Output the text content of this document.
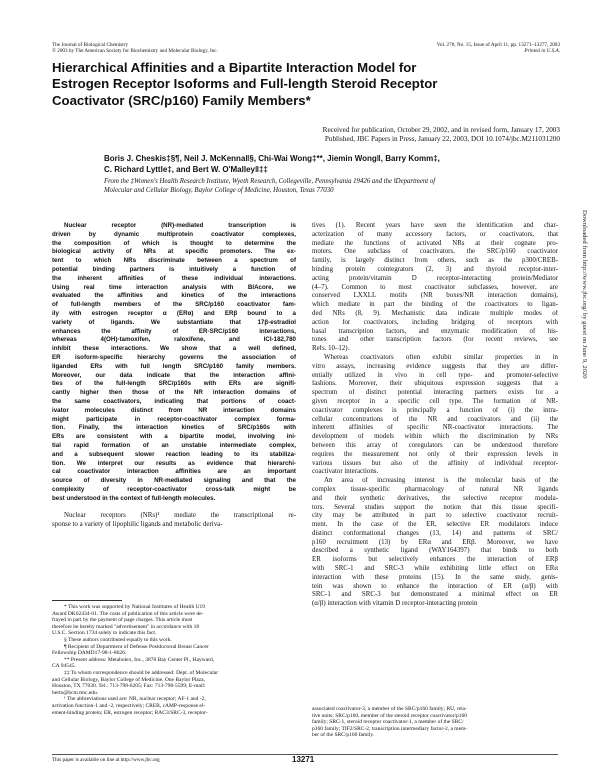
The Journal of Biological Chemistry
© 2003 by The American Society for Biochemistry and Molecular Biology, Inc.
Vol. 278, No. 15, Issue of April 11, pp. 13271–13277, 2003
Printed in U.S.A.
Hierarchical Affinities and a Bipartite Interaction Model for
Estrogen Receptor Isoforms and Full-length Steroid Receptor
Coactivator (SRC/p160) Family Members*
Received for publication, October 29, 2002, and in revised form, January 17, 2003
Published, JBC Papers in Press, January 22, 2003, DOI 10.1074/jbc.M211031200
Boris J. Cheskis‡§¶, Neil J. McKenna‖§, Chi-Wai Wong‡**, Jiemin Wong‖, Barry Komm‡,
C. Richard Lyttle‡, and Bert W. O'Malley‖‡‡
From the ‡Women's Health Research Institute, Wyeth Research, Collegeville, Pennsylvania 19426 and the ‖Department of
Molecular and Cellular Biology, Baylor College of Medicine, Houston, Texas 77030
Nuclear receptor (NR)-mediated transcription is
driven by dynamic multiprotein coactivator complexes,
the composition of which is thought to determine the
biological activity of NRs at specific promoters. The ex-
tent to which NRs discriminate between a spectrum of
potential binding partners is intuitively a function of
the inherent affinities of these individual interactions.
Using real time interaction analysis with BIAcore, we
evaluated the affinities and kinetics of the interactions
of full-length members of the SRC/p160 coactivator fam-
ily with estrogen receptor α (ERα) and ERβ bound to a
variety of ligands. We substantiate that 17β-estradiol
enhances the affinity of ER-SRC/p160 interactions,
whereas 4(OH)-tamoxifen, raloxifene, and ICI-182,780
inhibit these interactions. We show that a well defined,
ER isoform-specific hierarchy governs the association of
liganded ERs with full length SRC/p160 family members.
Moreover, our data indicate that the interaction affini-
ties of the full-length SRC/p160s with ERs are signifi-
cantly higher then those of the NR interaction domains of
the same coactivators, indicating that portions of coact-
ivator molecules distinct from NR interaction domains
might participate in receptor-coactivator complex forma-
tion. Finally, the interaction kinetics of SRC/p160s with
ERs are consistent with a bipartite model, involving ini-
tial rapid formation of an unstable intermediate complex,
and a subsequent slower reaction leading to its stabiliza-
tion. We interpret our results as evidence that hierarchi-
cal coactivator interaction affinities are an important
source of diversity in NR-mediated signaling and that the
complexity of receptor-coactivator cross-talk might be
best understood in the context of full-length molecules.
Nuclear receptors (NRs)¹ mediate the transcriptional re-
sponse to a variety of lipophilic ligands and metabolic deriva-
* This work was supported by National Institutes of Health U19
Award DK62434-01. The costs of publication of this article were de-
frayed in part by the payment of page charges. This article must
therefore be hereby marked "advertisement" in accordance with 18
U.S.C. Section 1734 solely to indicate this fact.
§ These authors contributed equally to this work.
¶ Recipient of Department of Defense Postdoctoral Breast Cancer
Fellowship DAMD17-98-1-8626.
** Present address: Metabolex, Inc., 3876 Bay Center Pl., Hayward,
CA 94545.
‡‡ To whom correspondence should be addressed: Dept. of Molecular
and Cellular Biology, Baylor College of Medicine, One Baylor Plaza,
Houston, TX 77030. Tel.: 713-798-6205; Fax: 713-798-5599; E-mail:
berto@bcm.tmc.edu.
¹ The abbreviations used are: NR, nuclear receptor; AF-1 and -2,
activation function-1 and -2, respectively; CREB, cAMP-response el-
ement-binding protein; ER, estrogen receptor; RAC3/SRC-3, receptor-
tives (1). Recent years have seen the identification and char-
acterization of many accessory factors, or coactivators, that
mediate the functions of activated NRs at their cognate pro-
moters. One subclass of coactivators, the SRC/p160 coactivator
family, is largely distinct from others, such as the p300/CREB-
binding protein cointegrators (2, 3) and thyroid receptor-inter-
acting protein/vitamin D receptor-interacting protein/Mediator
(4–7). Common to most coactivator subclasses, however, are
conserved LXXLL motifs (NR boxes/NR interaction domains),
which mediate in part the binding of the coactivators to ligan-
ded NRs (8, 9). Mechanistic data indicate multiple modes of
action for coactivators, including bridging of receptors with
basal transcription factors, and enzymatic modification of his-
tones and other transcription factors (for recent reviews, see
Refs. 10–12).
Whereas coactivators often exhibit similar properties in in
vitro assays, increasing evidence suggests that they are differ-
entially utilized in vivo in cell type- and promoter-selective
fashions. Moreover, their ubiquitous expression suggests that a
spectrum of distinct potential interacting partners exists for a
given receptor in a specific cell type. The formation of NR-
coactivator complexes is principally a function of (i) the intra-
cellular concentrations of the NR and coactivators and (ii) the
inherent affinities of specific NR-coactivator interactions. The
development of models within which the discrimination by NRs
between this array of coregulators can be understood therefore
requires the measurement not only of their expression levels in
various tissues but also of the affinity of individual receptor-
coactivator interactions.
An area of increasing interest is the molecular basis of the
complex tissue-specific pharmacology of natural NR ligands
and their synthetic derivatives, the selective receptor modula-
tors. Several studies support the notion that this tissue specifi-
city may be attributed in part to selective coactivator recruit-
ment. In the case of the ER, selective ER modulators induce
distinct conformational changes (13, 14) and patterns of SRC/
p160 recruitment (13) by ERα and ERβ. Moreover, we have
described a synthetic ligand (WAY164397) that binds to both
ER isoforms but selectively enhances the interaction of ERβ
with SRC-1 and SRC-3 while exhibiting little effect on ERα
interaction with these proteins (15). In the same study, genis-
tein was shown to enhance the interaction of ER (α/β) with
SRC-1 and SRC-3 but demonstrated a minimal effect on ER
(α/β) interaction with vitamin D receptor-interacting protein
associated coactivator-3, a member of the SRC/p160 family; RU, rela-
tive units; SRC/p160, member of the steroid receptor coactivator/p160
family; SRC-1, steroid receptor coactivator-1, a member of the SRC/
p160 family; TIF2/SRC-2, transcription intermediary factor-2, a mem-
ber of the SRC/p160 family.
This paper is available on line at http://www.jbc.org	13271
Downloaded from http://www.jbc.org/ by guest on June 9, 2020
